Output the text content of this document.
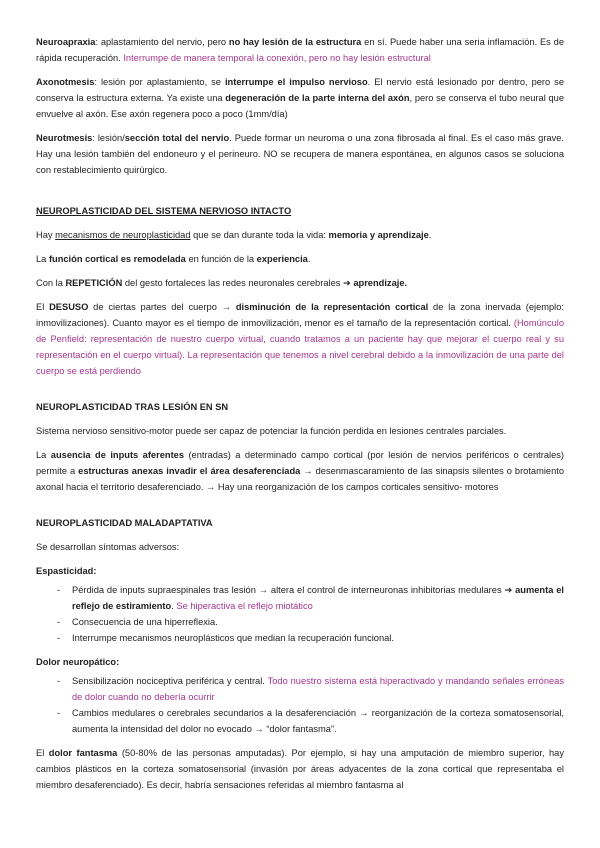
Neuroapraxia: aplastamiento del nervio, pero no hay lesión de la estructura en sí. Puede haber una seria inflamación. Es de rápida recuperación. Interrumpe de manera temporal la conexión, pero no hay lesión estructural

Axonotmesis: lesión por aplastamiento, se interrumpe el impulso nervioso. El nervio está lesionado por dentro, pero se conserva la estructura externa. Ya existe una degeneración de la parte interna del axón, pero se conserva el tubo neural que envuelve al axón. Ese axón regenera poco a poco (1mm/día)

Neurotmesis: lesión/sección total del nervio. Puede formar un neuroma o una zona fibrosada al final. Es el caso más grave. Hay una lesión también del endoneuro y el perineuro. NO se recupera de manera espontánea, en algunos casos se soluciona con restablecimiento quirúrgico.

NEUROPLASTICIDAD DEL SISTEMA NERVIOSO INTACTO

Hay mecanismos de neuroplasticidad que se dan durante toda la vida: memoria y aprendizaje.

La función cortical es remodelada en función de la experiencia.

Con la REPETICIÓN del gesto fortaleces las redes neuronales cerebrales ➔ aprendizaje.

El DESUSO de ciertas partes del cuerpo → disminución de la representación cortical de la zona inervada (ejemplo: inmovilizaciones). Cuanto mayor es el tiempo de inmovilización, menor es el tamaño de la representación cortical. (Homúnculo de Penfield: representación de nuestro cuerpo virtual, cuando tratamos a un paciente hay que mejorar el cuerpo real y su representación en el cuerpo virtual). La representación que tenemos a nivel cerebral debido a la inmovilización de una parte del cuerpo se está perdiendo

NEUROPLASTICIDAD TRAS LESIÓN EN SN

Sistema nervioso sensitivo-motor puede ser capaz de potenciar la función perdida en lesiones centrales parciales.

La ausencia de inputs aferentes (entradas) a determinado campo cortical (por lesión de nervios periféricos o centrales) permite a estructuras anexas invadir el área desaferenciada → desenmascaramiento de las sinapsis silentes o brotamiento axonal hacia el territorio desaferenciado. → Hay una reorganización de los campos corticales sensitivo- motores

NEUROPLASTICIDAD MALADAPTATIVA

Se desarrollan síntomas adversos:

Espasticidad:
- Pérdida de inputs supraespinales tras lesión → altera el control de interneuronas inhibitorias medulares ➔ aumenta el reflejo de estiramiento. Se hiperactiva el reflejo miotático
- Consecuencia de una hiperreflexia.
- Interrumpe mecanismos neuroplásticos que median la recuperación funcional.
Dolor neuropático:
- Sensibilización nociceptiva periférica y central. Todo nuestro sistema está hiperactivado y mandando señales erróneas de dolor cuando no debería ocurrir
- Cambios medulares o cerebrales secundarios a la desaferenciación → reorganización de la corteza somatosensorial, aumenta la intensidad del dolor no evocado → “dolor fantasma”.

El dolor fantasma (50-80% de las personas amputadas). Por ejemplo, si hay una amputación de miembro superior, hay cambios plásticos en la corteza somatosensorial (invasión por áreas adyacentes de la zona cortical que representaba el miembro desaferenciado). Es decir, habría sensaciones referidas al miembro fantasma al
